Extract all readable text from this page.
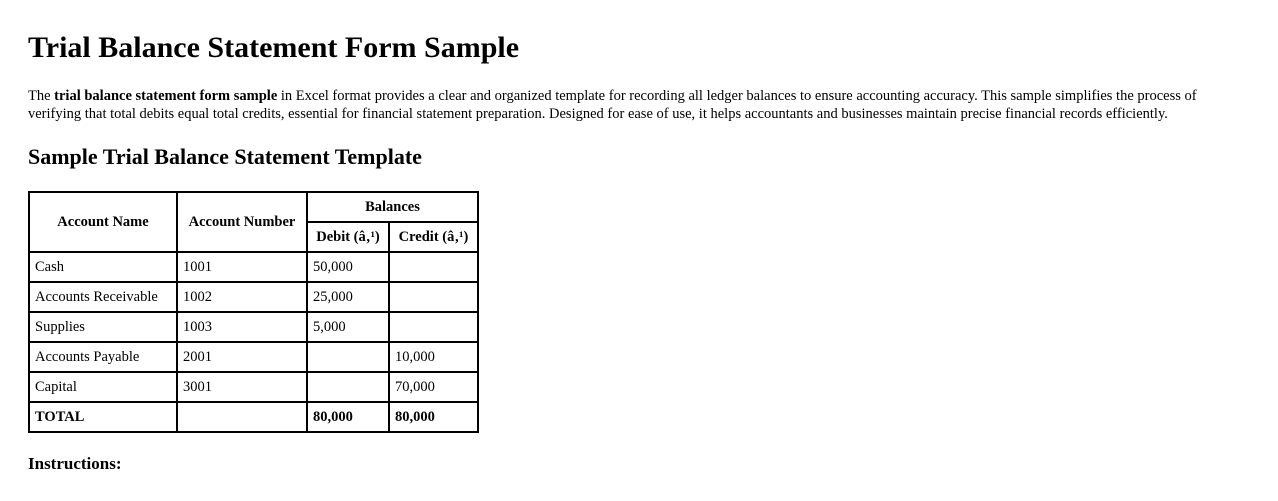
Trial Balance Statement Form Sample

The trial balance statement form sample in Excel format provides a clear and organized template for recording all ledger balances to ensure accounting accuracy. This sample simplifies the process of verifying that total debits equal total credits, essential for financial statement preparation. Designed for ease of use, it helps accountants and businesses maintain precise financial records efficiently.

Sample Trial Balance Statement Template
Account Name	Account Number	Balances	
		Debit (â‚¹)	Credit (â‚¹)
Cash	1001	50,000	
Accounts Receivable	1002	25,000	
Supplies	1003	5,000	
Accounts Payable	2001		10,000
Capital	3001		70,000
TOTAL		80,000	80,000
Instructions:
